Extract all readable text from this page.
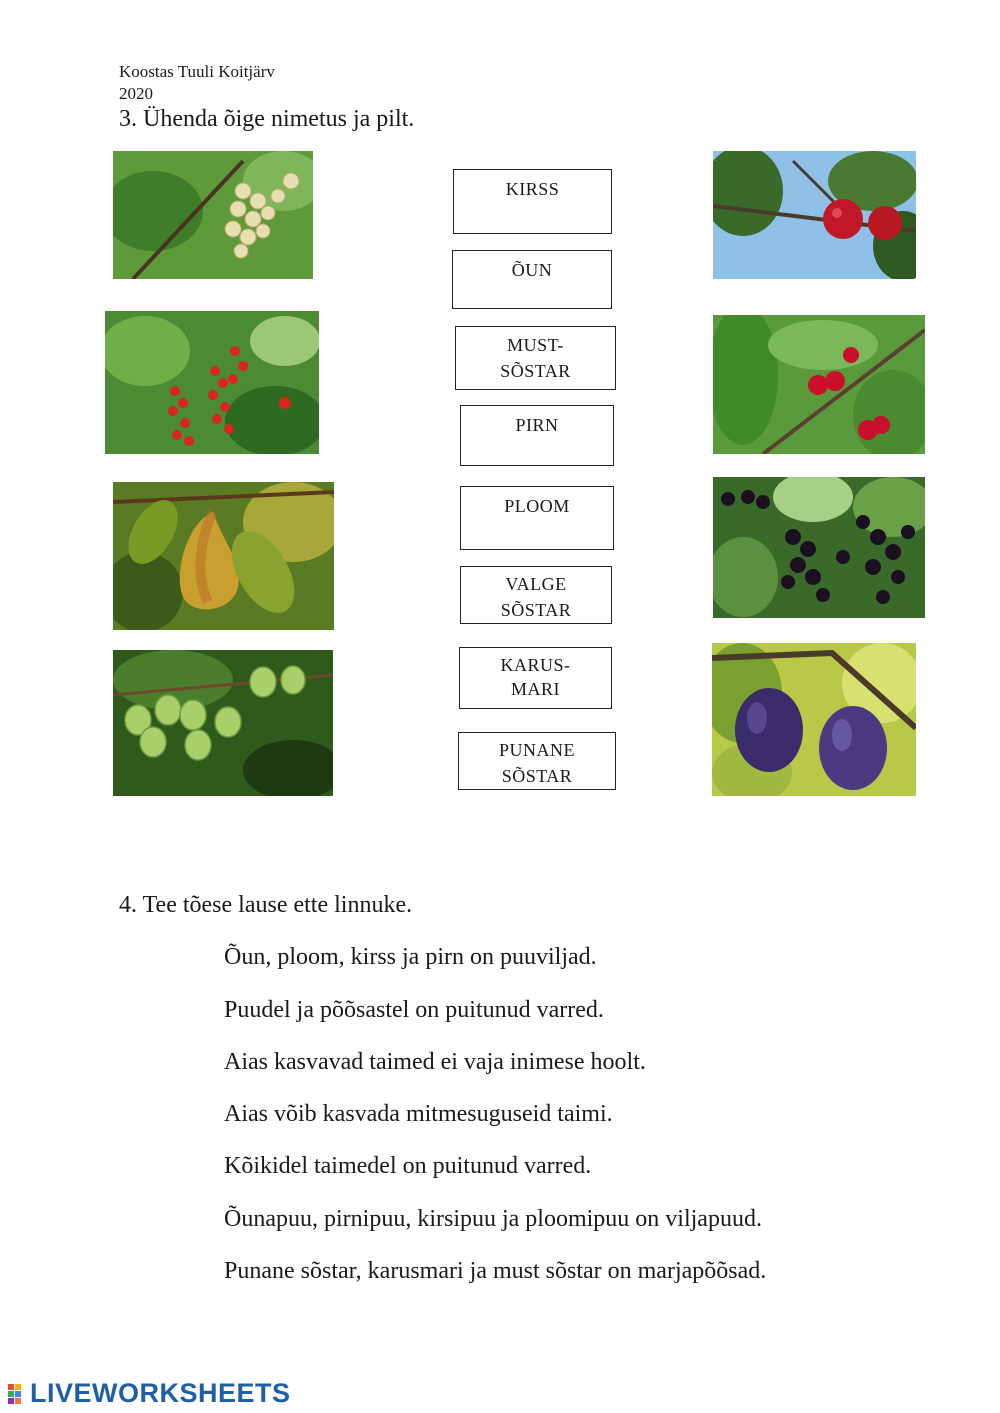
Koostas Tuuli Koitjärv
2020
3. Ühenda õige nimetus ja pilt.
KIRSS
ÕUN
MUST-
SÕSTAR
PIRN
PLOOM
VALGE
SÕSTAR
KARUS-
MARI
PUNANE
SÕSTAR
4. Tee tõese lause ette linnuke.
Õun, ploom, kirss ja pirn on puuviljad.
Puudel ja põõsastel on puitunud varred.
Aias kasvavad taimed ei vaja inimese hoolt.
Aias võib kasvada mitmesuguseid taimi.
Kõikidel taimedel on puitunud varred.
Õunapuu, pirnipuu, kirsipuu ja ploomipuu on viljapuud.
Punane sõstar, karusmari ja must sõstar on marjapõõsad.
LIVEWORKSHEETS
